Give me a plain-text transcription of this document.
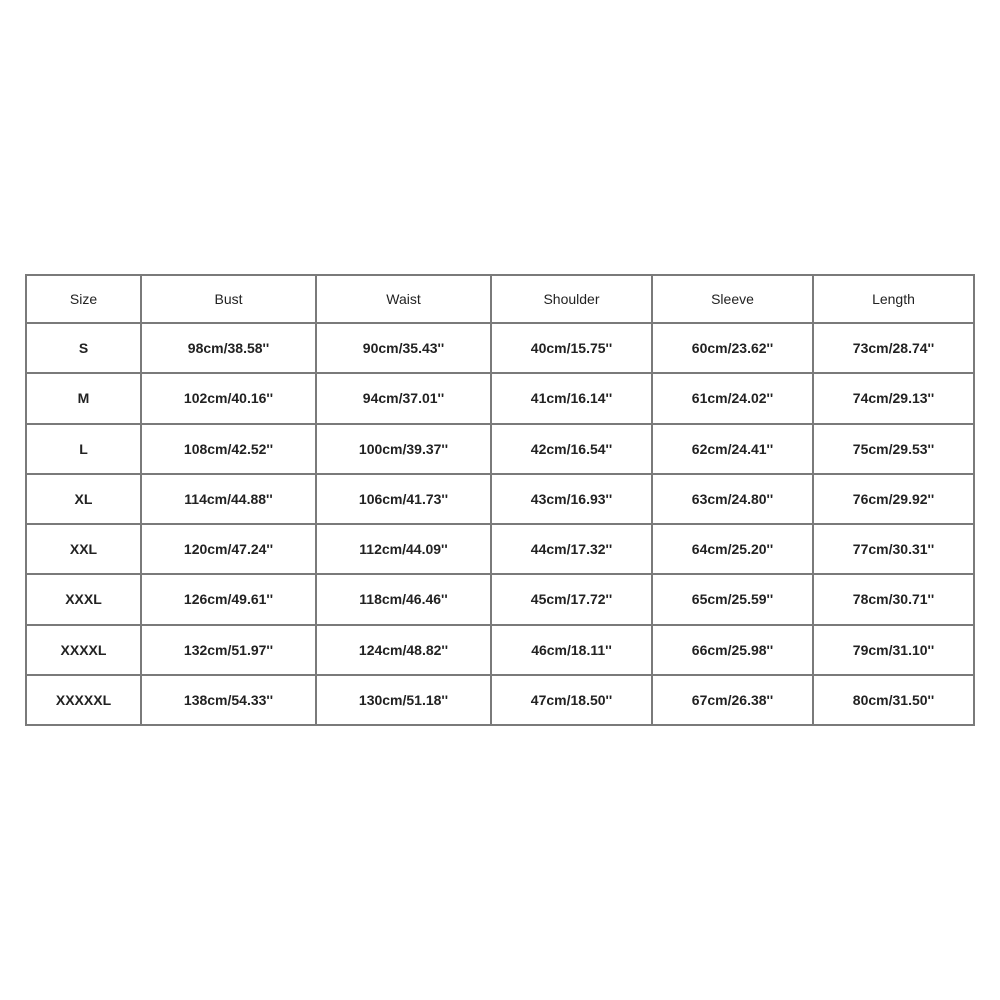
Size	Bust	Waist	Shoulder	Sleeve	Length
S	98cm/38.58''	90cm/35.43''	40cm/15.75''	60cm/23.62''	73cm/28.74''
M	102cm/40.16''	94cm/37.01''	41cm/16.14''	61cm/24.02''	74cm/29.13''
L	108cm/42.52''	100cm/39.37''	42cm/16.54''	62cm/24.41''	75cm/29.53''
XL	114cm/44.88''	106cm/41.73''	43cm/16.93''	63cm/24.80''	76cm/29.92''
XXL	120cm/47.24''	112cm/44.09''	44cm/17.32''	64cm/25.20''	77cm/30.31''
XXXL	126cm/49.61''	118cm/46.46''	45cm/17.72''	65cm/25.59''	78cm/30.71''
XXXXL	132cm/51.97''	124cm/48.82''	46cm/18.11''	66cm/25.98''	79cm/31.10''
XXXXXL	138cm/54.33''	130cm/51.18''	47cm/18.50''	67cm/26.38''	80cm/31.50''
